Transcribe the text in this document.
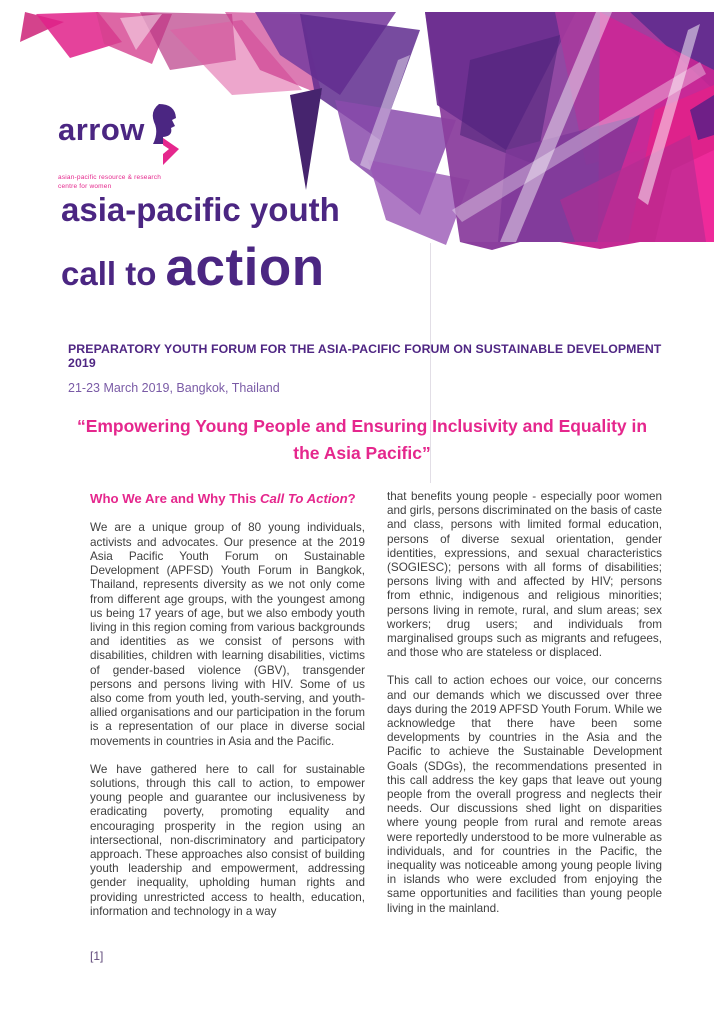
arrow
asian-pacific resource & research
centre for women
asia-pacific youth
call to action
PREPARATORY YOUTH FORUM FOR THE ASIA-PACIFIC FORUM ON SUSTAINABLE DEVELOPMENT 2019
21-23 March 2019, Bangkok, Thailand
“Empowering Young People and Ensuring Inclusivity and Equality in the Asia Pacific”
Who We Are and Why This Call To Action?

We are a unique group of 80 young individuals, activists and advocates. Our presence at the 2019 Asia Pacific Youth Forum on Sustainable Development (APFSD) Youth Forum in Bangkok, Thailand, represents diversity as we not only come from different age groups, with the youngest among us being 17 years of age, but we also embody youth living in this region coming from various backgrounds and identities as we consist of persons with disabilities, children with learning disabilities, victims of gender-based violence (GBV), transgender persons and persons living with HIV. Some of us also come from youth led, youth-serving, and youth-allied organisations and our participation in the forum is a representation of our place in diverse social movements in countries in Asia and the Pacific.

We have gathered here to call for sustainable solutions, through this call to action, to empower young people and guarantee our inclusiveness by eradicating poverty, promoting equality and encouraging prosperity in the region using an intersectional, non-discriminatory and participatory approach. These approaches also consist of building youth leadership and empowerment, addressing gender inequality, upholding human rights and providing unrestricted access to health, education, information and technology in a way

that benefits young people - especially poor women and girls, persons discriminated on the basis of caste and class, persons with limited formal education, persons of diverse sexual orientation, gender identities, expressions, and sexual characteristics (SOGIESC); persons with all forms of disabilities; persons living with and affected by HIV; persons from ethnic, indigenous and religious minorities; persons living in remote, rural, and slum areas; sex workers; drug users; and individuals from marginalised groups such as migrants and refugees, and those who are stateless or displaced.

This call to action echoes our voice, our concerns and our demands which we discussed over three days during the 2019 APFSD Youth Forum. While we acknowledge that there have been some developments by countries in the Asia and the Pacific to achieve the Sustainable Development Goals (SDGs), the recommendations presented in this call address the key gaps that leave out young people from the overall progress and neglects their needs. Our discussions shed light on disparities where young people from rural and remote areas were reportedly understood to be more vulnerable as individuals, and for countries in the Pacific, the inequality was noticeable among young people living in islands who were excluded from enjoying the same opportunities and facilities than young people living in the mainland.

[1]
